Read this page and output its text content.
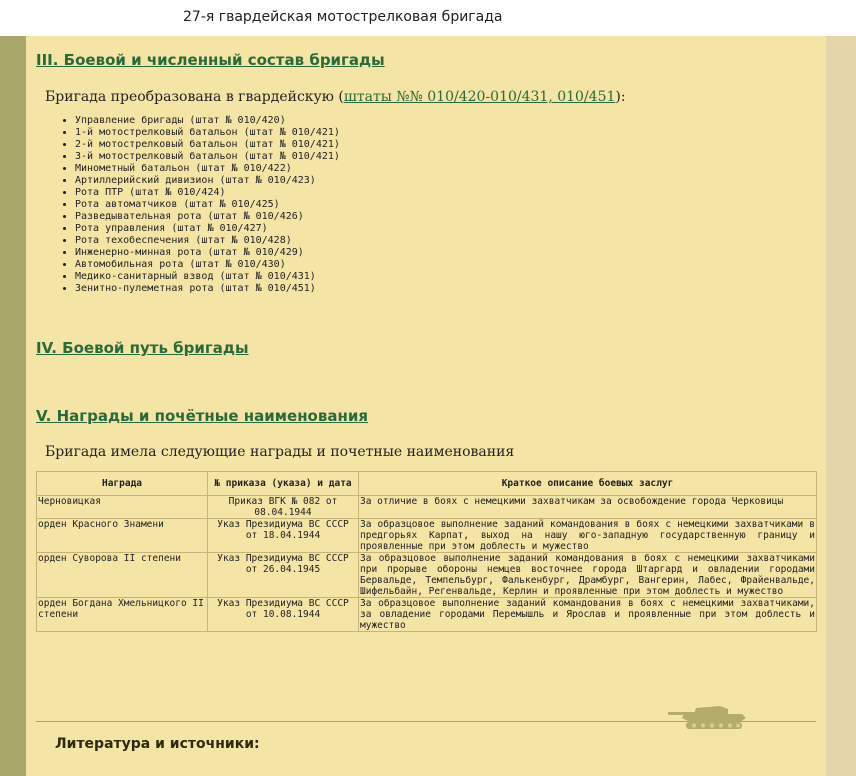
27-я гвардейская мотострелковая бригада
III. Боевой и численный состав бригады
Бригада преобразована в гвардейскую (штаты №№ 010/420-010/431, 010/451):
• Управление бригады (штат № 010/420)
• 1-й мотострелковый батальон (штат № 010/421)
• 2-й мотострелковый батальон (штат № 010/421)
• 3-й мотострелковый батальон (штат № 010/421)
• Минометный батальон (штат № 010/422)
• Артиллерийский дивизион (штат № 010/423)
• Рота ПТР (штат № 010/424)
• Рота автоматчиков (штат № 010/425)
• Разведывательная рота (штат № 010/426)
• Рота управления (штат № 010/427)
• Рота техобеспечения (штат № 010/428)
• Инженерно-минная рота (штат № 010/429)
• Автомобильная рота (штат № 010/430)
• Медико-санитарный взвод (штат № 010/431)
• Зенитно-пулеметная рота (штат № 010/451)
IV. Боевой путь бригады
V. Награды и почётные наименования
Бригада имела следующие награды и почетные наименования
Награда	№ приказа (указа) и дата	Краткое описание боевых заслуг
Черновицкая	Приказ ВГК № 082 от 08.04.1944	За отличие в боях с немецкими захватчикам за освобождение города Черковицы
орден Красного Знамени	Указ Президиума ВС СССР от 18.04.1944	За образцовое выполнение заданий командования в боях с немецкими захватчиками в предгорьях Карпат, выход на нашу юго-западную государственную границу и проявленные при этом доблесть и мужество
орден Суворова II степени	Указ Президиума ВС СССР от 26.04.1945	За образцовое выполнение заданий командования в боях с немецкими захватчиками при прорыве обороны немцев восточнее города Штаргард и овладении городами Бервальде, Темпельбург, Фалькенбург, Драмбург, Вангерин, Лабес, Фрайенвальде, Шифельбайн, Регенвальде, Керлин и проявленные при этом доблесть и мужество
орден Богдана Хмельницкого II степени	Указ Президиума ВС СССР от 10.08.1944	За образцовое выполнение заданий командования в боях с немецкими захватчиками, за овладение городами Перемышль и Ярослав и проявленные при этом доблесть и мужество
Литература и источники:
